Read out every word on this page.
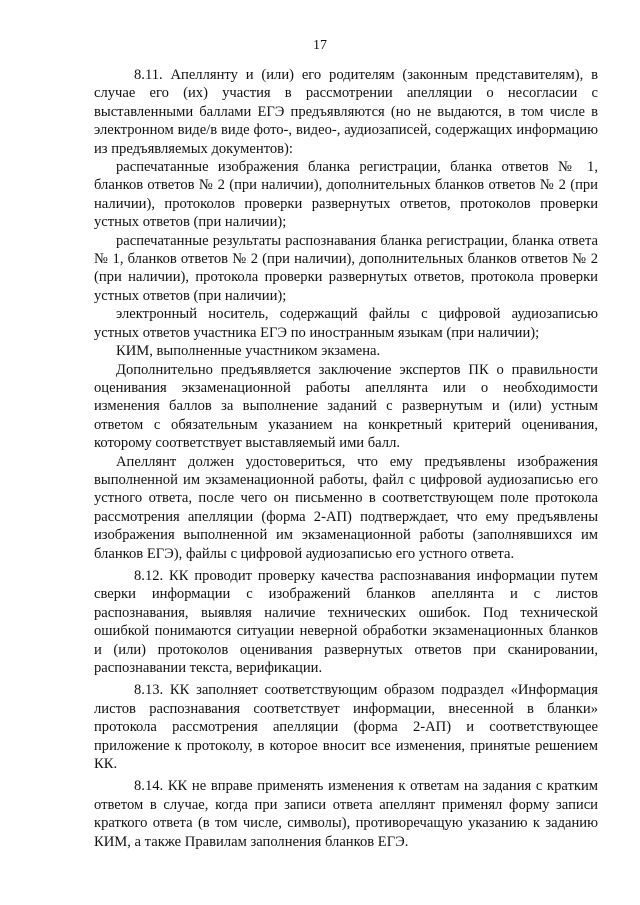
17

8.11. Апеллянту и (или) его родителям (законным представителям), в случае его (их) участия в рассмотрении апелляции о несогласии с выставленными баллами ЕГЭ предъявляются (но не выдаются, в том числе в электронном виде/в виде фото-, видео-, аудиозаписей, содержащих информацию из предъявляемых документов):

распечатанные изображения бланка регистрации, бланка ответов № 1, бланков ответов № 2 (при наличии), дополнительных бланков ответов № 2 (при наличии), протоколов проверки развернутых ответов, протоколов проверки устных ответов (при наличии);

распечатанные результаты распознавания бланка регистрации, бланка ответа № 1, бланков ответов № 2 (при наличии), дополнительных бланков ответов № 2 (при наличии), протокола проверки развернутых ответов, протокола проверки устных ответов (при наличии);

электронный носитель, содержащий файлы с цифровой аудиозаписью устных ответов участника ЕГЭ по иностранным языкам (при наличии);

КИМ, выполненные участником экзамена.

Дополнительно предъявляется заключение экспертов ПК о правильности оценивания экзаменационной работы апеллянта или о необходимости изменения баллов за выполнение заданий с развернутым и (или) устным ответом с обязательным указанием на конкретный критерий оценивания, которому соответствует выставляемый ими балл.

Апеллянт должен удостовериться, что ему предъявлены изображения выполненной им экзаменационной работы, файл с цифровой аудиозаписью его устного ответа, после чего он письменно в соответствующем поле протокола рассмотрения апелляции (форма 2-АП) подтверждает, что ему предъявлены изображения выполненной им экзаменационной работы (заполнявшихся им бланков ЕГЭ), файлы с цифровой аудиозаписью его устного ответа.

8.12. КК проводит проверку качества распознавания информации путем сверки информации с изображений бланков апеллянта и с листов распознавания, выявляя наличие технических ошибок. Под технической ошибкой понимаются ситуации неверной обработки экзаменационных бланков и (или) протоколов оценивания развернутых ответов при сканировании, распознавании текста, верификации.

8.13. КК заполняет соответствующим образом подраздел «Информация листов распознавания соответствует информации, внесенной в бланки» протокола рассмотрения апелляции (форма 2-АП) и соответствующее приложение к протоколу, в которое вносит все изменения, принятые решением КК.

8.14. КК не вправе применять изменения к ответам на задания с кратким ответом в случае, когда при записи ответа апеллянт применял форму записи краткого ответа (в том числе, символы), противоречащую указанию к заданию КИМ, а также Правилам заполнения бланков ЕГЭ.
